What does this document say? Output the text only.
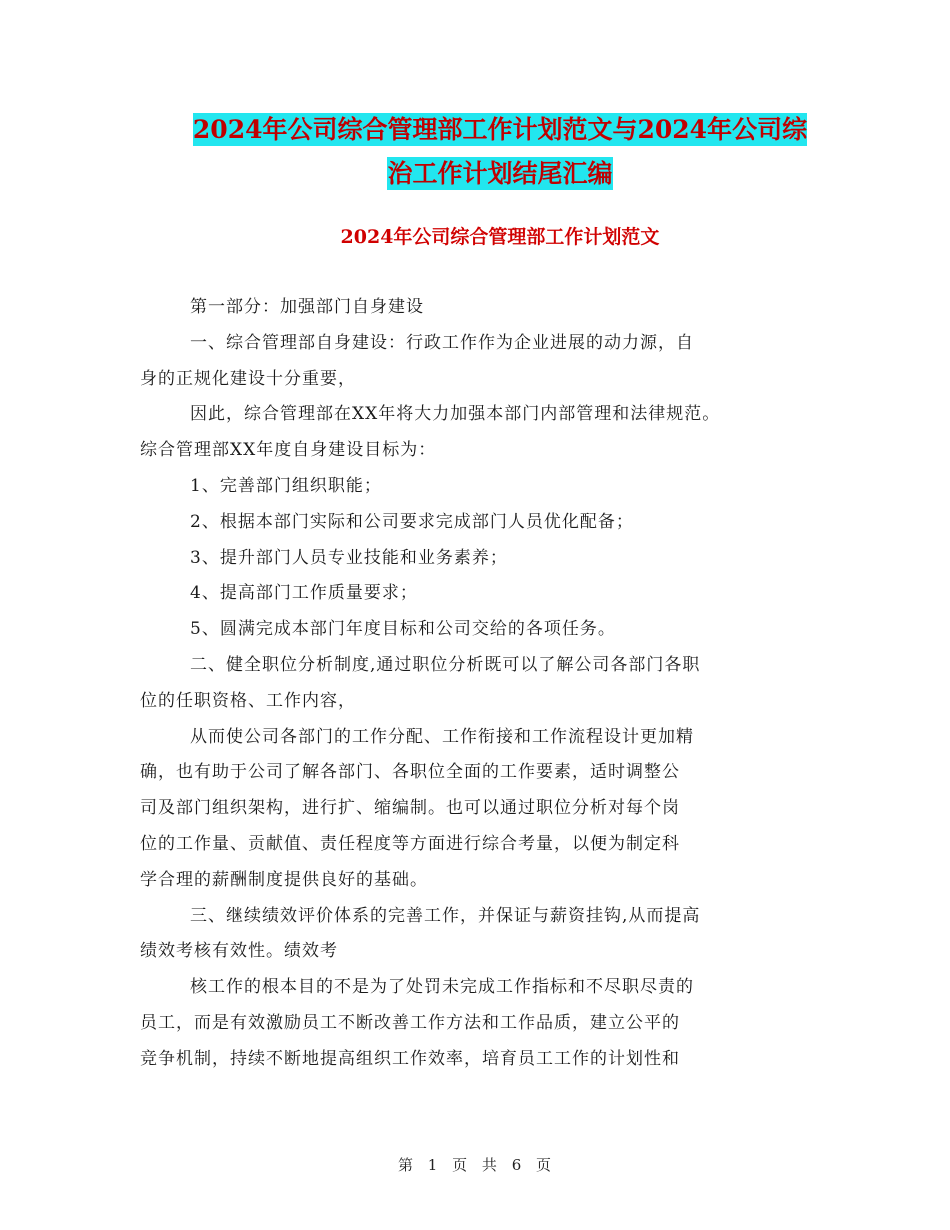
2024年公司综合管理部工作计划范文与2024年公司综
治工作计划结尾汇编
2024年公司综合管理部工作计划范文

第一部分：加强部门自身建设

一、综合管理部自身建设：行政工作作为企业进展的动力源，自

身的正规化建设十分重要，

因此，综合管理部在XX年将大力加强本部门内部管理和法律规范。

综合管理部XX年度自身建设目标为：

1、完善部门组织职能；

2、根据本部门实际和公司要求完成部门人员优化配备；

3、提升部门人员专业技能和业务素养；

4、提高部门工作质量要求；

5、圆满完成本部门年度目标和公司交给的各项任务。

二、健全职位分析制度,通过职位分析既可以了解公司各部门各职

位的任职资格、工作内容，

从而使公司各部门的工作分配、工作衔接和工作流程设计更加精

确，也有助于公司了解各部门、各职位全面的工作要素，适时调整公

司及部门组织架构，进行扩、缩编制。也可以通过职位分析对每个岗

位的工作量、贡献值、责任程度等方面进行综合考量，以便为制定科

学合理的薪酬制度提供良好的基础。

三、继续绩效评价体系的完善工作，并保证与薪资挂钩,从而提高

绩效考核有效性。绩效考

核工作的根本目的不是为了处罚未完成工作指标和不尽职尽责的

员工，而是有效激励员工不断改善工作方法和工作品质，建立公平的

竞争机制，持续不断地提高组织工作效率，培育员工工作的计划性和

第 1 页 共 6 页
